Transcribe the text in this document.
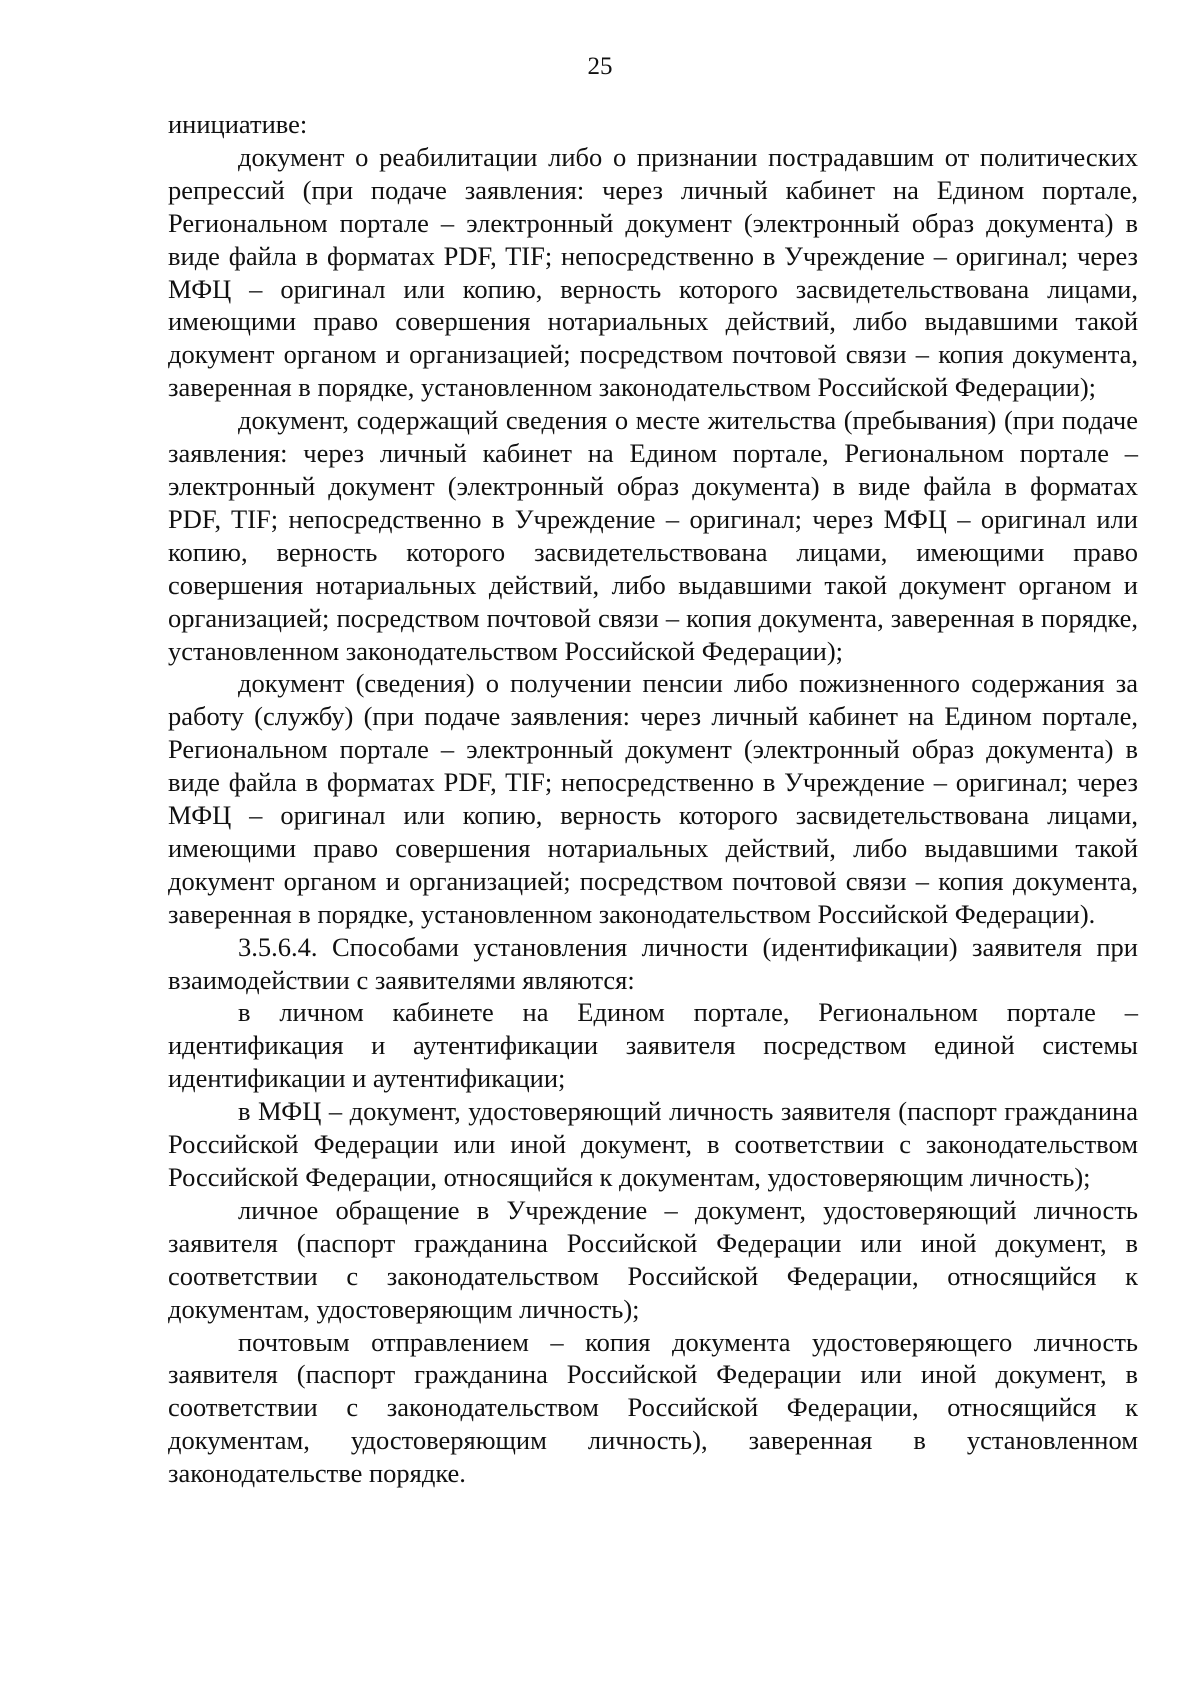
25

инициативе:

документ о реабилитации либо о признании пострадавшим от политических репрессий (при подаче заявления: через личный кабинет на Едином портале, Региональном портале – электронный документ (электронный образ документа) в виде файла в форматах PDF, TIF; непосредственно в Учреждение – оригинал; через МФЦ – оригинал или копию, верность которого засвидетельствована лицами, имеющими право совершения нотариальных действий, либо выдавшими такой документ органом и организацией; посредством почтовой связи – копия документа, заверенная в порядке, установленном законодательством Российской Федерации);

документ, содержащий сведения о месте жительства (пребывания) (при подаче заявления: через личный кабинет на Едином портале, Региональном портале – электронный документ (электронный образ документа) в виде файла в форматах PDF, TIF; непосредственно в Учреждение – оригинал; через МФЦ – оригинал или копию, верность которого засвидетельствована лицами, имеющими право совершения нотариальных действий, либо выдавшими такой документ органом и организацией; посредством почтовой связи – копия документа, заверенная в порядке, установленном законодательством Российской Федерации);

документ (сведения) о получении пенсии либо пожизненного содержания за работу (службу) (при подаче заявления: через личный кабинет на Едином портале, Региональном портале – электронный документ (электронный образ документа) в виде файла в форматах PDF, TIF; непосредственно в Учреждение – оригинал; через МФЦ – оригинал или копию, верность которого засвидетельствована лицами, имеющими право совершения нотариальных действий, либо выдавшими такой документ органом и организацией; посредством почтовой связи – копия документа, заверенная в порядке, установленном законодательством Российской Федерации).

3.5.6.4. Способами установления личности (идентификации) заявителя при взаимодействии с заявителями являются:

в личном кабинете на Едином портале, Региональном портале – идентификация и аутентификации заявителя посредством единой системы идентификации и аутентификации;

в МФЦ – документ, удостоверяющий личность заявителя (паспорт гражданина Российской Федерации или иной документ, в соответствии с законодательством Российской Федерации, относящийся к документам, удостоверяющим личность);

личное обращение в Учреждение – документ, удостоверяющий личность заявителя (паспорт гражданина Российской Федерации или иной документ, в соответствии с законодательством Российской Федерации, относящийся к документам, удостоверяющим личность);

почтовым отправлением – копия документа удостоверяющего личность заявителя (паспорт гражданина Российской Федерации или иной документ, в соответствии с законодательством Российской Федерации, относящийся к документам, удостоверяющим личность), заверенная в установленном законодательстве порядке.
